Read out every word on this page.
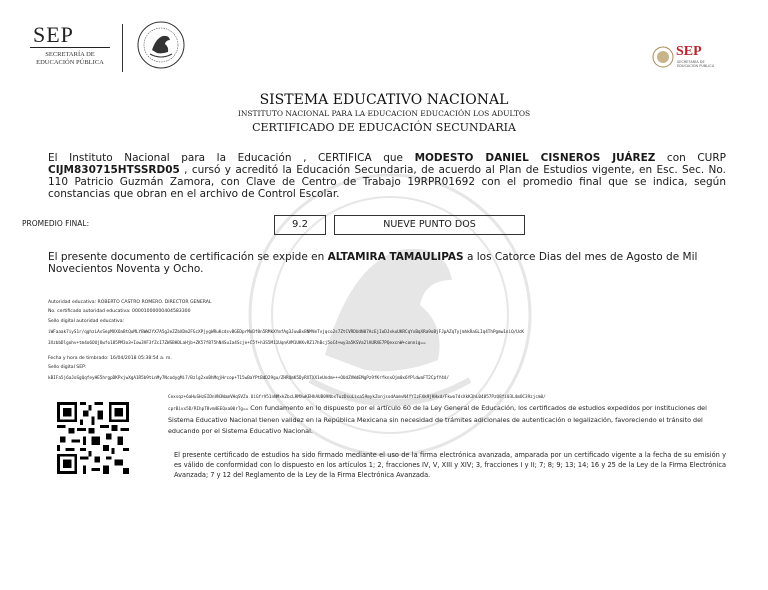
SEP
SECRETARÍA DE
EDUCACIÓN PÚBLICA
SEP
SECRETARÍA DE
EDUCACIÓN PÚBLICA
SISTEMA EDUCATIVO NACIONAL
INSTITUTO NACIONAL PARA LA EDUCACION EDUCACIÓN LOS ADULTOS
CERTIFICADO DE EDUCACIÓN SECUNDARIA
El Instituto Nacional para la Educación , CERTIFICA que MODESTO DANIEL CISNEROS JUÁREZ con CURP CIJM830715HTSSRD05 , cursó y acreditó la Educación Secundaria, de acuerdo al Plan de Estudios vigente, en Esc. Sec. No. 110 Patricio Guzmán Zamora, con Clave de Centro de Trabajo 19RPR01692 con el promedio final que se indica, según constancias que obran en el archivo de Control Escolar.
PROMEDIO FINAL:	9.2	NUEVE PUNTO DOS
El presente documento de certificación se expide en ALTAMIRA TAMAULIPAS a los Catorce Dias del mes de Agosto de Mil Novecientos Noventa y Ocho.
Autoridad educativa: ROBERTO CASTRO ROMERO. DIRECTOR GENERAL
No. certificado autoridad educativa: 00001000000404583300
Sello digital autoridad educativa:
iWFaaak7iyS1r/qghzLAsSepMVXOaBtQuMLYBWW2YX7A5g2eZZbXDm2FGcXPjygWRuKcdsvBGEDprMnDf8n5RMkXYmfAg3JuwBxBNMVmTvjqco2s7ZtCVRDUdN07AcEjIoDJxkuUKRCqYxBqXRa9oBjFJpAZqTyjmhkRaGLIq4ThPgmw1niQ/UcK
3XzbbDlgohv+tm4o6OUjOwfo185PM3o3+Iow3VF3fZcI7ZWSBHDLaHjb+ZK57fB75hN4SuIa4Scje+C5f+h3S5M11UqnAVM1UKKvRZ17hBcj5oC4+wy3a5KSVa2lAURXE7PQexcnW+connig==
Fecha y hora de timbrado: 16/04/2018 05:38:54 a. m.
Sello digital SEP:
kBIFa5j6aJoSgQqfeyHE5hrgpDKPxjwXgA1R5b9tLnMy7NcodygMi7/Bzlg2xoBhMqjHrcop+T15wBaYPtBdD29gu/ZHRQmK5DyRXTXX1eUndm+++OUdZVWdEMgPz9fKrfknxOjm0x6YPldwaFT2CpfY44/
Cexsqz+6aHuSHzEIDnVN3WamVHqSVZa UiGfrV51nNMxkZbcLRMXwKEHhAUB09NbsTuzDsuLica59mykZonjsodAamvN4YYIzFXk9jKHxd/Fkwo7dsXkK3hL04857PzQ8fi03L4mOC39zjcm0/
cprBivx5D/RIhpT8vm4EEQxa00rTg== Con fundamento en lo dispuesto por el artículo 60 de la Ley General de Educación, los certificados de estudios expedidos por instituciones del Sistema Educativo Nacional tienen validez en la República Mexicana sin necesidad de trámites adicionales de autenticación o legalización, favoreciendo el tránsito del educando por el Sistema Educativo Nacional.
El presente certificado de estudios ha sido firmado mediante el uso de la firma electrónica avanzada, amparada por un certificado vigente a la fecha de su emisión y es válido de conformidad con lo dispuesto en los artículos 1; 2, fracciones IV, V, XIII y XIV; 3, fracciones I y II; 7; 8; 9; 13; 14; 16 y 25 de la Ley de la Firma Electrónica Avanzada; 7 y 12 del Reglamento de la Ley de la Firma Electrónica Avanzada.
